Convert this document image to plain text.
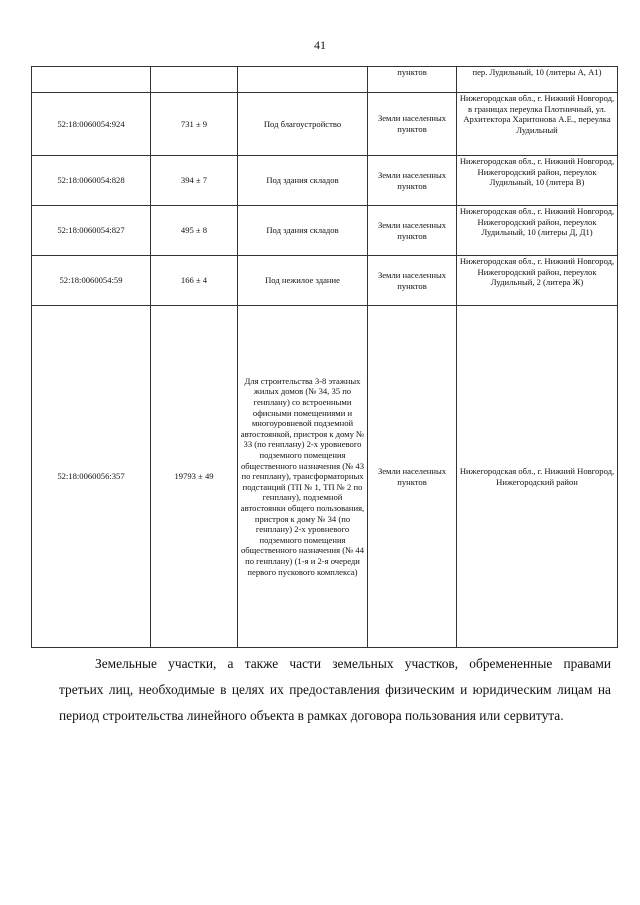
41
			пунктов	пер. Лудильный, 10 (литеры А, А1)
52:18:0060054:924	731 ± 9	Под благоустройство	Земли населенных пунктов	Нижегородская обл., г. Нижний Новгород, в границах переулка Плотничный, ул. Архитектора Харитонова А.Е., переулка Лудильный
52:18:0060054:828	394 ± 7	Под здания складов	Земли населенных пунктов	Нижегородская обл., г. Нижний Новгород, Нижегородский район, переулок Лудильный, 10 (литера В)
52:18:0060054:827	495 ± 8	Под здания складов	Земли населенных пунктов	Нижегородская обл., г. Нижний Новгород, Нижегородский район, переулок Лудильный, 10 (литеры Д, Д1)
52:18:0060054:59	166 ± 4	Под нежилое здание	Земли населенных пунктов	Нижегородская обл., г. Нижний Новгород, Нижегородский район, переулок Лудильный, 2 (литера Ж)
52:18:0060056:357	19793 ± 49	Для строительства 3-8 этажных жилых домов (№ 34, 35 по генплану) со встроенными офисными помещениями и многоуровневой подземной автостоянкой, пристроя к дому № 33 (по генплану) 2-х уровневого подземного помещения общественного назначения (№ 43 по генплану), трансформаторных подстанций (ТП № 1, ТП № 2 по генплану), подземной автостоянки общего пользования, пристроя к дому № 34 (по генплану) 2-х уровневого подземного помещения общественного назначения (№ 44 по генплану) (1-я и 2-я очереди первого пускового комплекса)	Земли населенных пунктов	Нижегородская обл., г. Нижний Новгород, Нижегородский район
Земельные участки, а также части земельных участков, обремененные правами
третьих лиц, необходимые в целях их предоставления физическим и юридическим лицам на период строительства линейного объекта в рамках договора пользования или сервитута.
